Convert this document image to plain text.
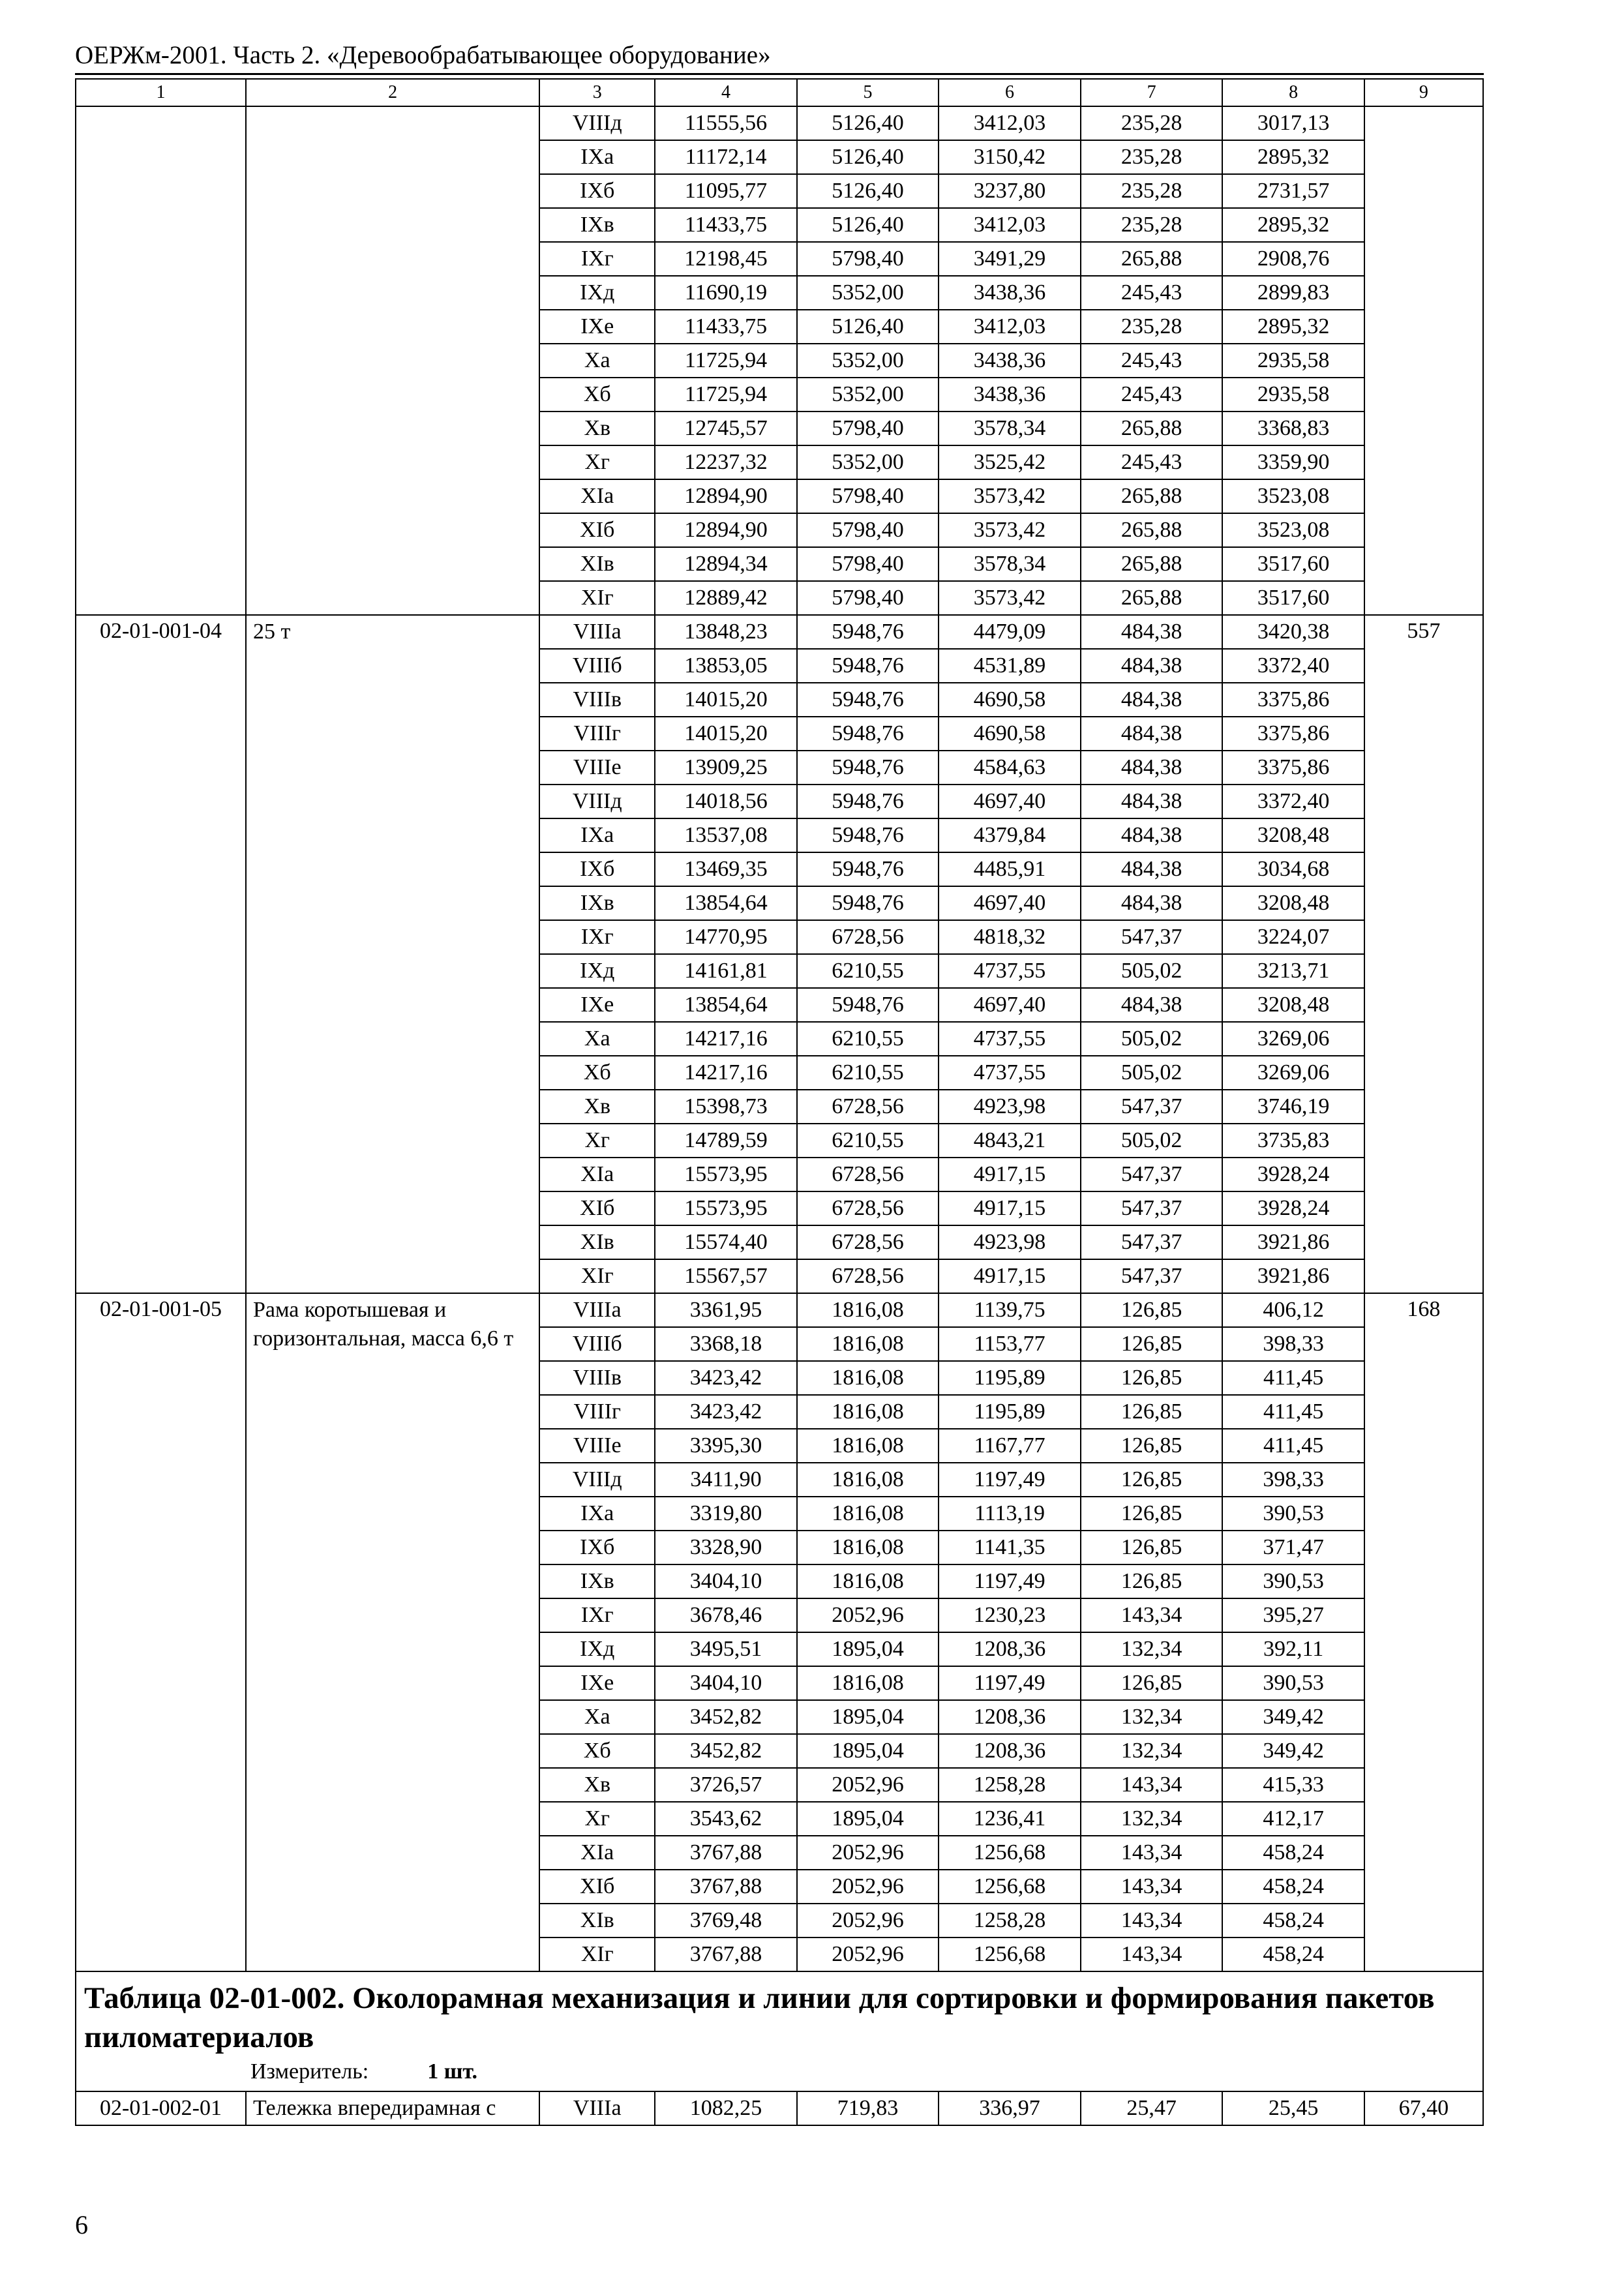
ОЕРЖм-2001. Часть 2. «Деревообрабатывающее оборудование»
1	2	3	4	5	6	7	8	9
		VIIIд	11555,56	5126,40	3412,03	235,28	3017,13	
		IXа	11172,14	5126,40	3150,42	235,28	2895,32	
		IXб	11095,77	5126,40	3237,80	235,28	2731,57	
		IXв	11433,75	5126,40	3412,03	235,28	2895,32	
		IXг	12198,45	5798,40	3491,29	265,88	2908,76	
		IXд	11690,19	5352,00	3438,36	245,43	2899,83	
		IXе	11433,75	5126,40	3412,03	235,28	2895,32	
		Xа	11725,94	5352,00	3438,36	245,43	2935,58	
		Xб	11725,94	5352,00	3438,36	245,43	2935,58	
		Xв	12745,57	5798,40	3578,34	265,88	3368,83	
		Xг	12237,32	5352,00	3525,42	245,43	3359,90	
		XIа	12894,90	5798,40	3573,42	265,88	3523,08	
		XIб	12894,90	5798,40	3573,42	265,88	3523,08	
		XIв	12894,34	5798,40	3578,34	265,88	3517,60	
		XIг	12889,42	5798,40	3573,42	265,88	3517,60	
02-01-001-04	25 т	VIIIа	13848,23	5948,76	4479,09	484,38	3420,38	557
		VIIIб	13853,05	5948,76	4531,89	484,38	3372,40	
		VIIIв	14015,20	5948,76	4690,58	484,38	3375,86	
		VIIIг	14015,20	5948,76	4690,58	484,38	3375,86	
		VIIIе	13909,25	5948,76	4584,63	484,38	3375,86	
		VIIIд	14018,56	5948,76	4697,40	484,38	3372,40	
		IXа	13537,08	5948,76	4379,84	484,38	3208,48	
		IXб	13469,35	5948,76	4485,91	484,38	3034,68	
		IXв	13854,64	5948,76	4697,40	484,38	3208,48	
		IXг	14770,95	6728,56	4818,32	547,37	3224,07	
		IXд	14161,81	6210,55	4737,55	505,02	3213,71	
		IXе	13854,64	5948,76	4697,40	484,38	3208,48	
		Xа	14217,16	6210,55	4737,55	505,02	3269,06	
		Xб	14217,16	6210,55	4737,55	505,02	3269,06	
		Xв	15398,73	6728,56	4923,98	547,37	3746,19	
		Xг	14789,59	6210,55	4843,21	505,02	3735,83	
		XIа	15573,95	6728,56	4917,15	547,37	3928,24	
		XIб	15573,95	6728,56	4917,15	547,37	3928,24	
		XIв	15574,40	6728,56	4923,98	547,37	3921,86	
		XIг	15567,57	6728,56	4917,15	547,37	3921,86	
02-01-001-05	Рама коротышевая и горизонтальная, масса 6,6 т	VIIIа	3361,95	1816,08	1139,75	126,85	406,12	168
		VIIIб	3368,18	1816,08	1153,77	126,85	398,33	
		VIIIв	3423,42	1816,08	1195,89	126,85	411,45	
		VIIIг	3423,42	1816,08	1195,89	126,85	411,45	
		VIIIе	3395,30	1816,08	1167,77	126,85	411,45	
		VIIIд	3411,90	1816,08	1197,49	126,85	398,33	
		IXа	3319,80	1816,08	1113,19	126,85	390,53	
		IXб	3328,90	1816,08	1141,35	126,85	371,47	
		IXв	3404,10	1816,08	1197,49	126,85	390,53	
		IXг	3678,46	2052,96	1230,23	143,34	395,27	
		IXд	3495,51	1895,04	1208,36	132,34	392,11	
		IXе	3404,10	1816,08	1197,49	126,85	390,53	
		Xа	3452,82	1895,04	1208,36	132,34	349,42	
		Xб	3452,82	1895,04	1208,36	132,34	349,42	
		Xв	3726,57	2052,96	1258,28	143,34	415,33	
		Xг	3543,62	1895,04	1236,41	132,34	412,17	
		XIа	3767,88	2052,96	1256,68	143,34	458,24	
		XIб	3767,88	2052,96	1256,68	143,34	458,24	
		XIв	3769,48	2052,96	1258,28	143,34	458,24	
		XIг	3767,88	2052,96	1256,68	143,34	458,24	

Таблица 02-01-002. Околорамная механизация и линии для сортировки и формирования пакетов пиломатериалов
Измеритель: 1 шт.								

02-01-002-01	Тележка впередирамная с	VIIIа	1082,25	719,83	336,97	25,47	25,45	67,40
6
